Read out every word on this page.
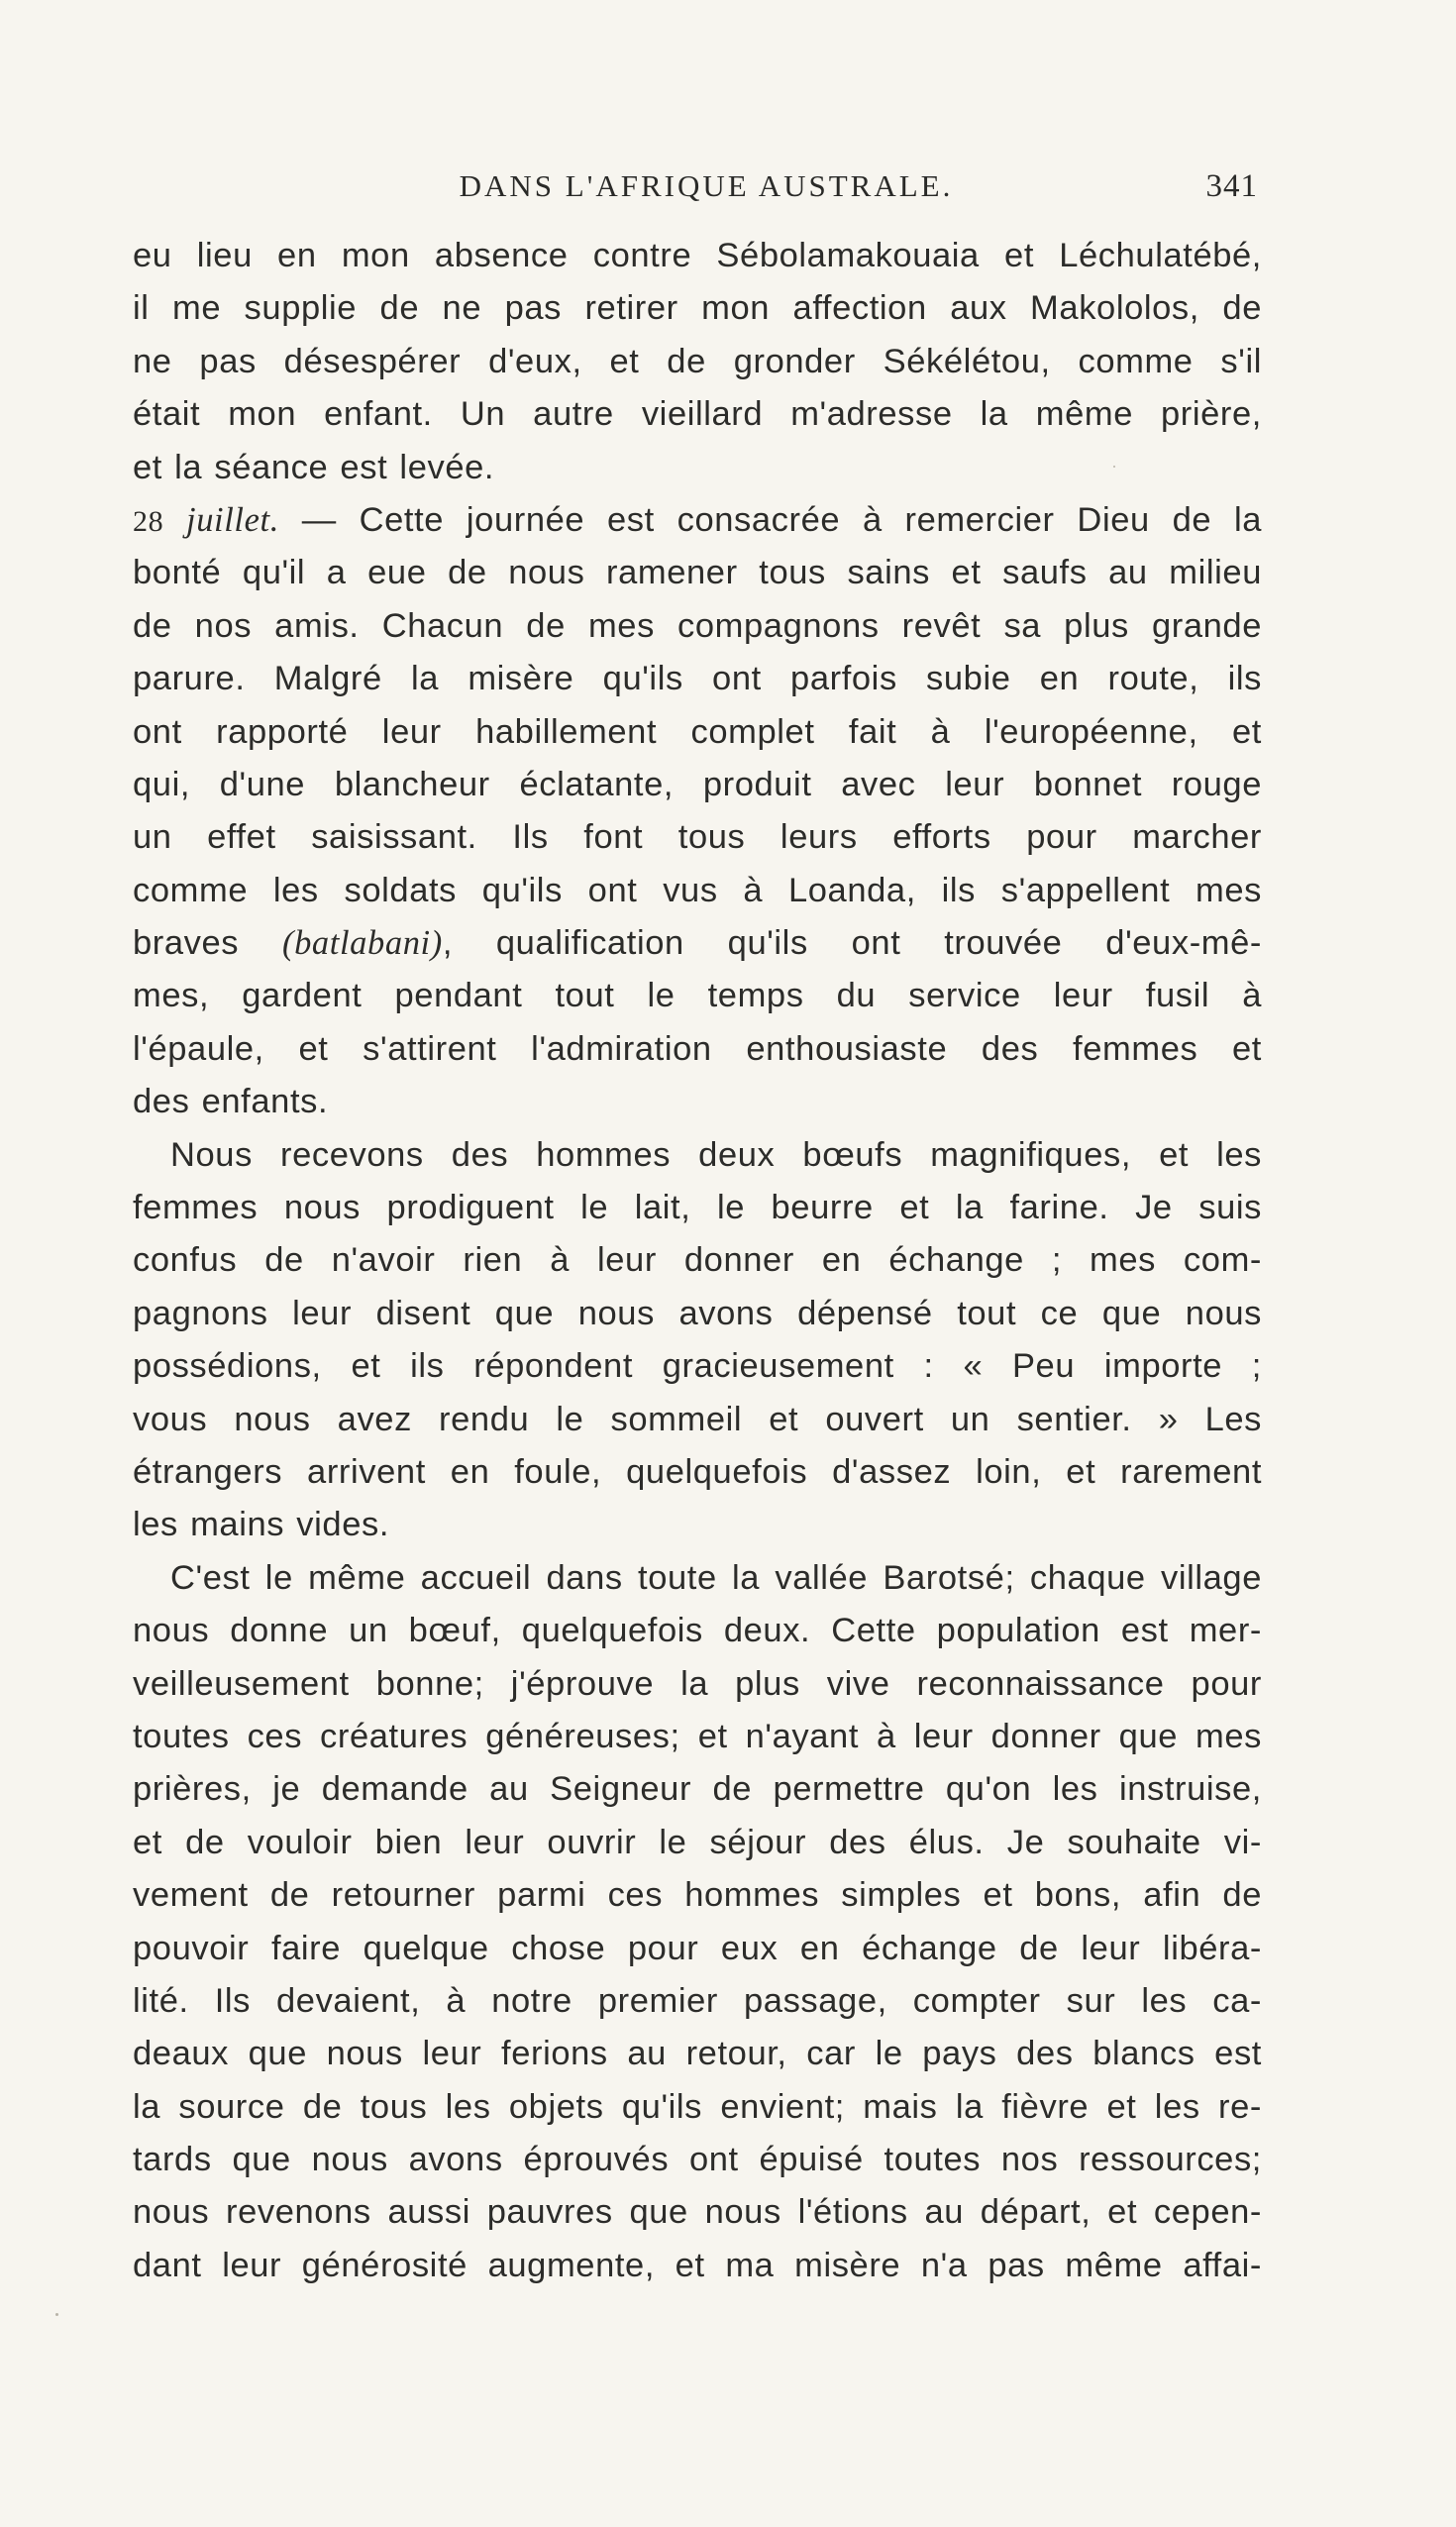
DANS L'AFRIQUE AUSTRALE.	341
eu lieu en mon absence contre Sébolamakouaia et Léchulatébé,
il me supplie de ne pas retirer mon affection aux Makololos, de
ne pas désespérer d'eux, et de gronder Sékélétou, comme s'il
était mon enfant. Un autre vieillard m'adresse la même prière,
et la séance est levée.
28 juillet. — Cette journée est consacrée à remercier Dieu de la
bonté qu'il a eue de nous ramener tous sains et saufs au milieu
de nos amis. Chacun de mes compagnons revêt sa plus grande
parure. Malgré la misère qu'ils ont parfois subie en route, ils
ont rapporté leur habillement complet fait à l'européenne, et
qui, d'une blancheur éclatante, produit avec leur bonnet rouge
un effet saisissant. Ils font tous leurs efforts pour marcher
comme les soldats qu'ils ont vus à Loanda, ils s'appellent mes
braves (batlabani), qualification qu'ils ont trouvée d'eux-mê-
mes, gardent pendant tout le temps du service leur fusil à
l'épaule, et s'attirent l'admiration enthousiaste des femmes et
des enfants.
Nous recevons des hommes deux bœufs magnifiques, et les
femmes nous prodiguent le lait, le beurre et la farine. Je suis
confus de n'avoir rien à leur donner en échange ; mes com-
pagnons leur disent que nous avons dépensé tout ce que nous
possédions, et ils répondent gracieusement : « Peu importe ;
vous nous avez rendu le sommeil et ouvert un sentier. » Les
étrangers arrivent en foule, quelquefois d'assez loin, et rarement
les mains vides.
C'est le même accueil dans toute la vallée Barotsé; chaque village
nous donne un bœuf, quelquefois deux. Cette population est mer-
veilleusement bonne; j'éprouve la plus vive reconnaissance pour
toutes ces créatures généreuses; et n'ayant à leur donner que mes
prières, je demande au Seigneur de permettre qu'on les instruise,
et de vouloir bien leur ouvrir le séjour des élus. Je souhaite vi-
vement de retourner parmi ces hommes simples et bons, afin de
pouvoir faire quelque chose pour eux en échange de leur libéra-
lité. Ils devaient, à notre premier passage, compter sur les ca-
deaux que nous leur ferions au retour, car le pays des blancs est
la source de tous les objets qu'ils envient; mais la fièvre et les re-
tards que nous avons éprouvés ont épuisé toutes nos ressources;
nous revenons aussi pauvres que nous l'étions au départ, et cepen-
dant leur générosité augmente, et ma misère n'a pas même affai-
